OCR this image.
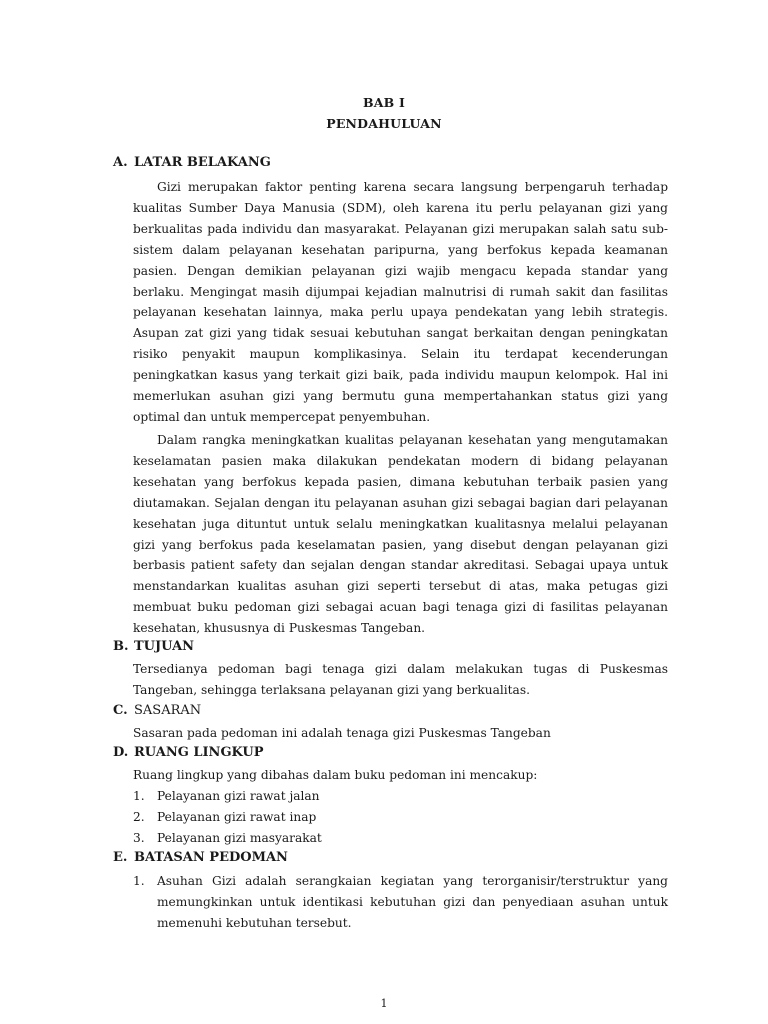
BAB I
PENDAHULUAN
A. LATAR BELAKANG

Gizi merupakan faktor penting karena secara langsung berpengaruh terhadap kualitas Sumber Daya Manusia (SDM), oleh karena itu perlu pelayanan gizi yang berkualitas pada individu dan masyarakat. Pelayanan gizi merupakan salah satu sub-sistem dalam pelayanan kesehatan paripurna, yang berfokus kepada keamanan pasien. Dengan demikian pelayanan gizi wajib mengacu kepada standar yang berlaku. Mengingat masih dijumpai kejadian malnutrisi di rumah sakit dan fasilitas pelayanan kesehatan lainnya, maka perlu upaya pendekatan yang lebih strategis. Asupan zat gizi yang tidak sesuai kebutuhan sangat berkaitan dengan peningkatan risiko penyakit maupun komplikasinya. Selain itu terdapat kecenderungan peningkatkan kasus yang terkait gizi baik, pada individu maupun kelompok. Hal ini memerlukan asuhan gizi yang bermutu guna mempertahankan status gizi yang optimal dan untuk mempercepat penyembuhan.

Dalam rangka meningkatkan kualitas pelayanan kesehatan yang mengutamakan keselamatan pasien maka dilakukan pendekatan modern di bidang pelayanan kesehatan yang berfokus kepada pasien, dimana kebutuhan terbaik pasien yang diutamakan. Sejalan dengan itu pelayanan asuhan gizi sebagai bagian dari pelayanan kesehatan juga dituntut untuk selalu meningkatkan kualitasnya melalui pelayanan gizi yang berfokus pada keselamatan pasien, yang disebut dengan pelayanan gizi berbasis patient safety dan sejalan dengan standar akreditasi. Sebagai upaya untuk menstandarkan kualitas asuhan gizi seperti tersebut di atas, maka petugas gizi membuat buku pedoman gizi sebagai acuan bagi tenaga gizi di fasilitas pelayanan kesehatan, khususnya di Puskesmas Tangeban.

B. TUJUAN

Tersedianya pedoman bagi tenaga gizi dalam melakukan tugas di Puskesmas Tangeban, sehingga terlaksana pelayanan gizi yang berkualitas.

C. SASARAN

Sasaran pada pedoman ini adalah tenaga gizi Puskesmas Tangeban

D. RUANG LINGKUP

Ruang lingkup yang dibahas dalam buku pedoman ini mencakup:

1. Pelayanan gizi rawat jalan
2. Pelayanan gizi rawat inap
3. Pelayanan gizi masyarakat
E. BATASAN PEDOMAN
1. Asuhan Gizi adalah serangkaian kegiatan yang terorganisir/terstruktur yang memungkinkan untuk identikasi kebutuhan gizi dan penyediaan asuhan untuk memenuhi kebutuhan tersebut.
1
